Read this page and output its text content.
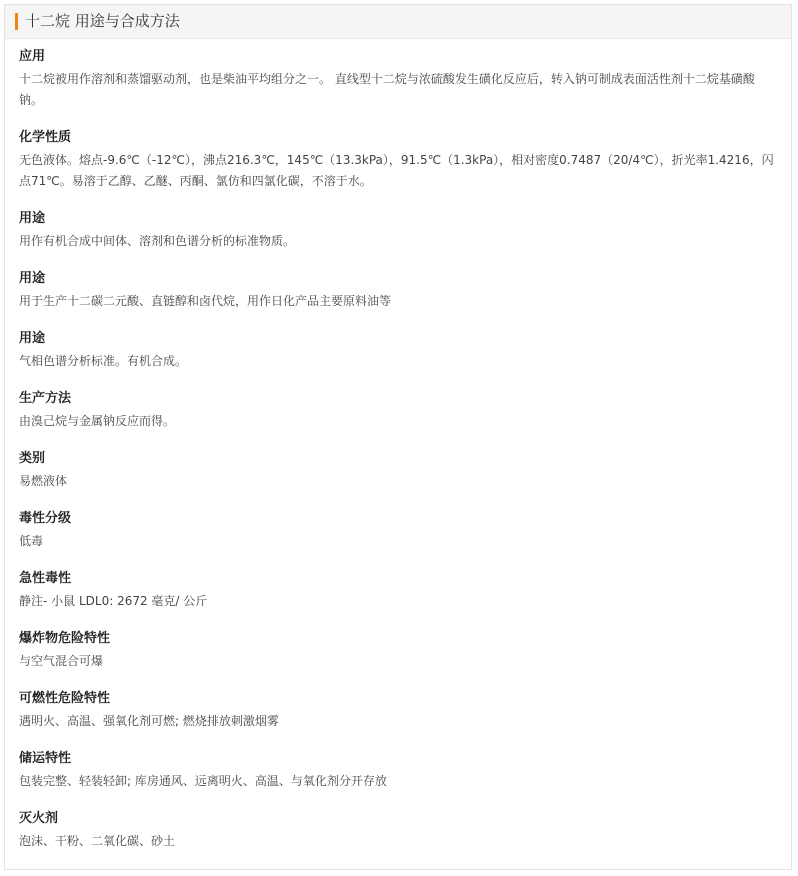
十二烷 用途与合成方法
应用

十二烷被用作溶剂和蒸馏驱动剂，也是柴油平均组分之一。 直线型十二烷与浓硫酸发生磺化反应后，转入钠可制成表面活性剂十二烷基磺酸钠。

化学性质

无色液体。熔点-9.6℃（-12℃），沸点216.3℃，145℃（13.3kPa），91.5℃（1.3kPa），相对密度0.7487（20/4℃），折光率1.4216，闪点71℃。易溶于乙醇、乙醚、丙酮、氯仿和四氯化碳，不溶于水。

用途

用作有机合成中间体、溶剂和色谱分析的标准物质。

用途

用于生产十二碳二元酸、直链醇和卤代烷，用作日化产品主要原料油等

用途

气相色谱分析标准。有机合成。

生产方法

由溴己烷与金属钠反应而得。

类别

易燃液体

毒性分级

低毒

急性毒性

静注- 小鼠 LDL0: 2672 毫克/ 公斤

爆炸物危险特性

与空气混合可爆

可燃性危险特性

遇明火、高温、强氧化剂可燃; 燃烧排放刺激烟雾

储运特性

包装完整、轻装轻卸; 库房通风、远离明火、高温、与氧化剂分开存放

灭火剂

泡沫、干粉、二氧化碳、砂土
